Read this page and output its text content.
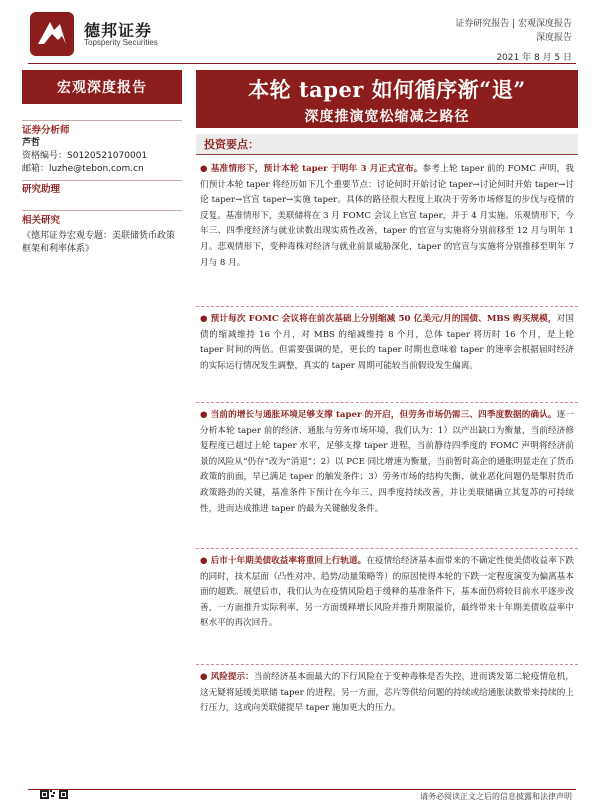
德邦证券
Topsperity Securities
证券研究报告 | 宏观深度报告
深度报告
2021 年 8 月 5 日
宏观深度报告	本轮 taper 如何循序渐“退”
深度推演宽松缩减之路径
证券分析师
芦哲
资格编号：S0120521070001
邮箱：luzhe@tebon.com.cn
研究助理
相关研究
《德邦证券宏观专题：美联储货币政策框架和利率体系》
投资要点：
● 基准情形下，预计本轮 taper 于明年 3 月正式宣布。参考上轮 taper 前的 FOMC 声明，我们预计本轮 taper 将经历如下几个重要节点：讨论何时开始讨论 taper→讨论何时开始 taper→讨论 taper→官宣 taper→实施 taper。具体的路径很大程度上取决于劳务市场修复的步伐与疫情的反复。基准情形下，美联储将在 3 月 FOMC 会议上官宣 taper，并于 4 月实施。乐观情形下，今年三、四季度经济与就业读数出现实质性改善，taper 的官宣与实施将分别前移至 12 月与明年 1 月。悲观情形下，变种毒株对经济与就业前景威胁深化，taper 的官宣与实施将分别推移至明年 7 月与 8 月。
● 预计每次 FOMC 会议将在前次基础上分别缩减 50 亿美元/月的国债、MBS 购买规模，对国债的缩减维持 16 个月，对 MBS 的缩减维持 8 个月，总体 taper 将历时 16 个月，是上轮 taper 时间的两倍。但需要强调的是，更长的 taper 时期也意味着 taper 的速率会根据届时经济的实际运行情况发生调整，真实的 taper 周期可能较当前假设发生偏离。
● 当前的增长与通胀环境足够支撑 taper 的开启，但劳务市场仍需三、四季度数据的确认。逐一分析本轮 taper 前的经济、通胀与劳务市场环境，我们认为：1）以产出缺口为衡量，当前经济修复程度已超过上轮 taper 水平，足够支撑 taper 进程，当前静待四季度的 FOMC 声明将经济前景的风险从“仍存”改为“消退”；2）以 PCE 同比增速为衡量，当前暂时高企的通胀明显走在了货币政策的前面，早已满足 taper 的触发条件；3）劳务市场的结构失衡、就业恶化问题仍是掣肘货币政策路劲的关键，基准条件下预计在今年三、四季度持续改善，并让美联储确立其复苏的可持续性，进而达成推进 taper 的最为关键触发条件。
● 后市十年期美债收益率将重回上行轨道。在疫情给经济基本面带来的不确定性使美债收益率下跌的同时，技术层面（凸性对冲、趋势/动量策略等）的原因使得本轮的下跌一定程度演变为偏离基本面的超跌。展望后市，我们认为在疫情风险趋于缓释的基准条件下，基本面仍将较目前水平逐步改善，一方面推升实际利率，另一方面缓释增长风险并推升期限溢价，最终带来十年期美债收益率中枢水平的再次回升。
● 风险提示：当前经济基本面最大的下行风险在于变种毒株是否失控，进而诱发第二轮疫情危机，这无疑将延缓美联储 taper 的进程。另一方面，芯片等供给问题的持续或给通胀读数带来持续的上行压力，这或向美联储提早 taper 施加更大的压力。
请务必阅读正文之后的信息披露和法律声明
